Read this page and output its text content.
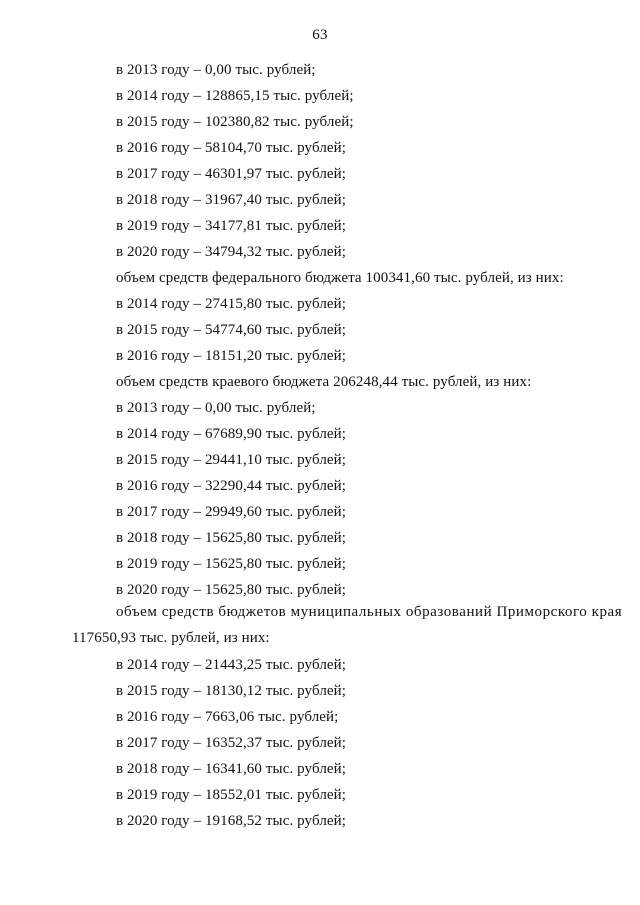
63
в 2013 году – 0,00 тыс. рублей;
в 2014 году – 128865,15 тыс. рублей;
в 2015 году – 102380,82 тыс. рублей;
в 2016 году – 58104,70 тыс. рублей;
в 2017 году – 46301,97 тыс. рублей;
в 2018 году – 31967,40 тыс. рублей;
в 2019 году – 34177,81 тыс. рублей;
в 2020 году – 34794,32 тыс. рублей;
объем средств федерального бюджета 100341,60 тыс. рублей, из них:
в 2014 году – 27415,80 тыс. рублей;
в 2015 году – 54774,60 тыс. рублей;
в 2016 году – 18151,20 тыс. рублей;
объем средств краевого бюджета 206248,44 тыс. рублей, из них:
в 2013 году – 0,00 тыс. рублей;
в 2014 году – 67689,90 тыс. рублей;
в 2015 году – 29441,10 тыс. рублей;
в 2016 году – 32290,44 тыс. рублей;
в 2017 году – 29949,60 тыс. рублей;
в 2018 году – 15625,80 тыс. рублей;
в 2019 году – 15625,80 тыс. рублей;
в 2020 году – 15625,80 тыс. рублей;
объем средств бюджетов муниципальных образований Приморского края
117650,93 тыс. рублей, из них:
в 2014 году – 21443,25 тыс. рублей;
в 2015 году – 18130,12 тыс. рублей;
в 2016 году – 7663,06 тыс. рублей;
в 2017 году – 16352,37 тыс. рублей;
в 2018 году – 16341,60 тыс. рублей;
в 2019 году – 18552,01 тыс. рублей;
в 2020 году – 19168,52 тыс. рублей;
